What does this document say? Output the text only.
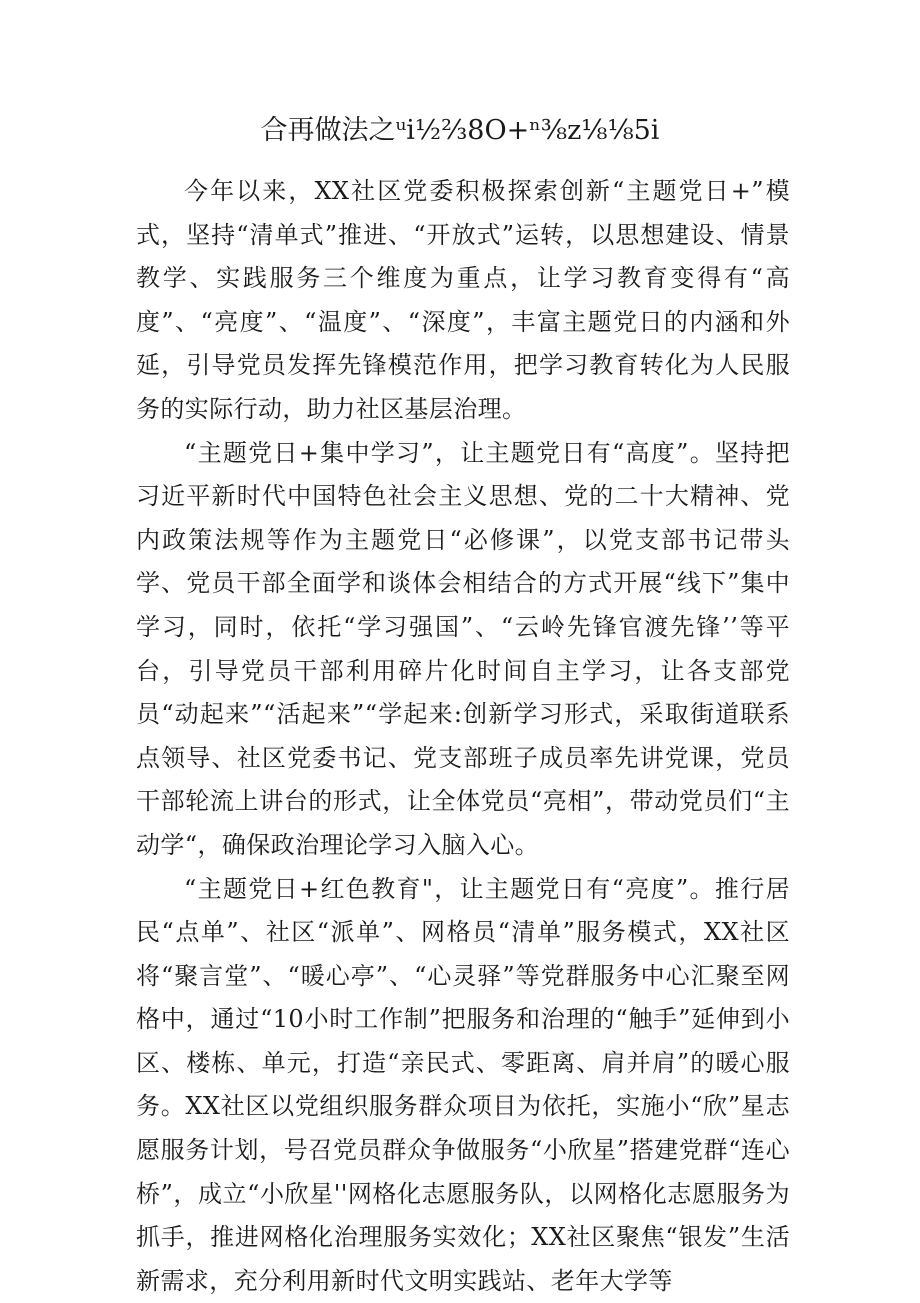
合再做法之ᵘi½⅔8O+ⁿ⅜z⅛⅛5i

今年以来，XX社区党委积极探索创新“主题党日+”模式，坚持“清单式”推进、“开放式”运转，以思想建设、情景教学、实践服务三个维度为重点，让学习教育变得有“高度”、“亮度”、“温度”、“深度”，丰富主题党日的内涵和外延，引导党员发挥先锋模范作用，把学习教育转化为人民服务的实际行动，助力社区基层治理。

“主题党日+集中学习”，让主题党日有“高度”。坚持把习近平新时代中国特色社会主义思想、党的二十大精神、党内政策法规等作为主题党日“必修课”，以党支部书记带头学、党员干部全面学和谈体会相结合的方式开展“线下”集中学习，同时，依托“学习强国”、“云岭先锋官渡先锋’’等平台，引导党员干部利用碎片化时间自主学习，让各支部党员“动起来”“活起来”“学起来:创新学习形式，采取街道联系点领导、社区党委书记、党支部班子成员率先讲党课，党员干部轮流上讲台的形式，让全体党员“亮相”，带动党员们“主动学“，确保政治理论学习入脑入心。

“主题党日+红色教育"，让主题党日有“亮度”。推行居民“点单”、社区“派单”、网格员“清单”服务模式，XX社区将“聚言堂”、“暖心亭”、“心灵驿”等党群服务中心汇聚至网格中，通过“10小时工作制”把服务和治理的“触手”延伸到小区、楼栋、单元，打造“亲民式、零距离、肩并肩”的暖心服务。XX社区以党组织服务群众项目为依托，实施小“欣”星志愿服务计划，号召党员群众争做服务“小欣星”搭建党群“连心桥”，成立“小欣星''网格化志愿服务队，以网格化志愿服务为抓手，推进网格化治理服务实效化；XX社区聚焦“银发”生活新需求，充分利用新时代文明实践站、老年大学等
